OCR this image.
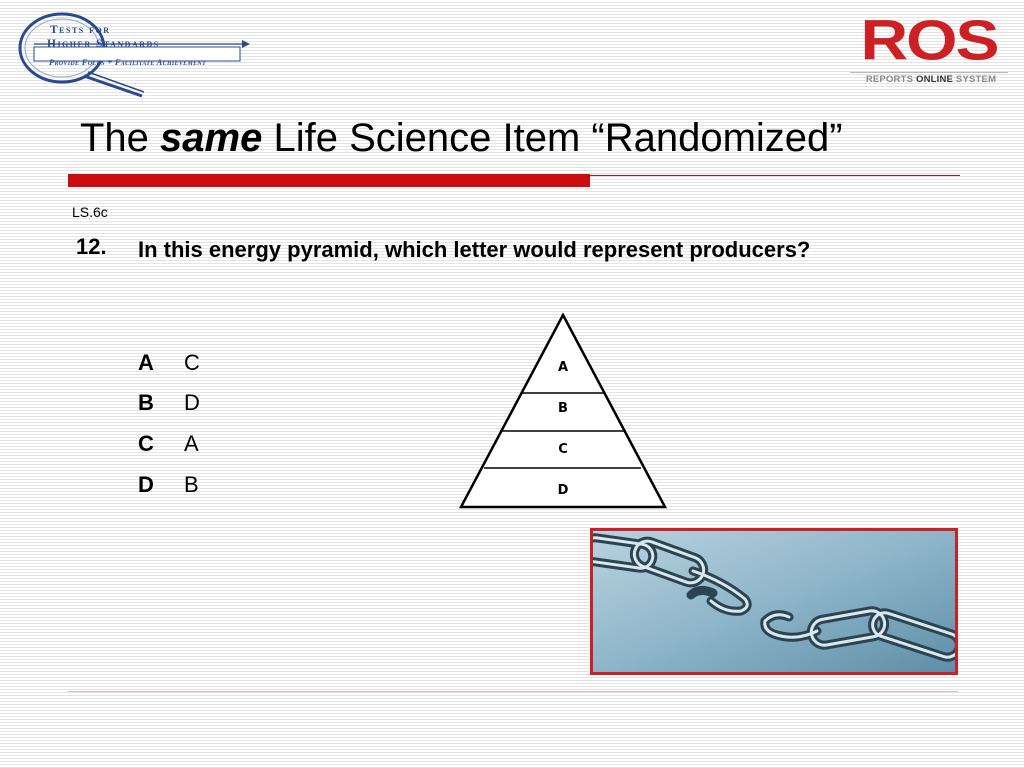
Tests for
Higher Standards
Provide Focus + Facilitate Achievement	ROS
REPORTS ONLINE SYSTEM
The same Life Science Item “Randomized”
LS.6c
12. In this energy pyramid, which letter would represent producers?
A C
B D
C A
D B
A
B
C
D
